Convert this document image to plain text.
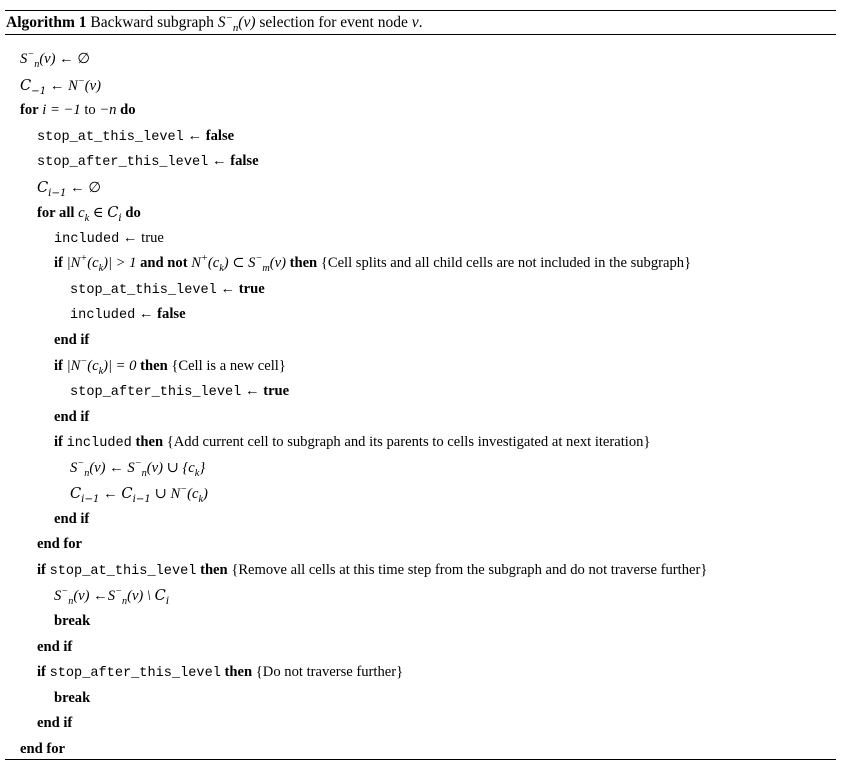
Algorithm 1 Backward subgraph $S^-_n(v)$ selection for event node v.
$S^-_n(v)$ ← ∅
$C_{-1}$ ← N−(v)
for i = −1 to −n do
stop_at_this_level ← false
stop_after_this_level ← false
$C_{i-1}$ ← ∅
for all $c_k$ ∈ $C_i$ do
included ← true
if $|N^+(c_k)| > 1$ and not $N^+(c_k)$ ⊂ $S^-_m(v)$ then {Cell splits and all child cells are not included in the subgraph}
stop_at_this_level ← true
included ← false
end if
if $|N^-(c_k)| = 0$ then {Cell is a new cell}
stop_after_this_level ← true
end if
if included then {Add current cell to subgraph and its parents to cells investigated at next iteration}
$S^-_n(v)$ ← $S^-_n(v)$ ∪ $\{c_k\}$
$C_{i-1}$ ← $C_{i-1}$ ∪ $N^-(c_k)$
end if
end for
if stop_at_this_level then {Remove all cells at this time step from the subgraph and do not traverse further}
$S^-_n(v)$ $\leftarrow S^-_n(v)$ \ $C_i$
break
end if
if stop_after_this_level then {Do not traverse further}
break
end if
end for
